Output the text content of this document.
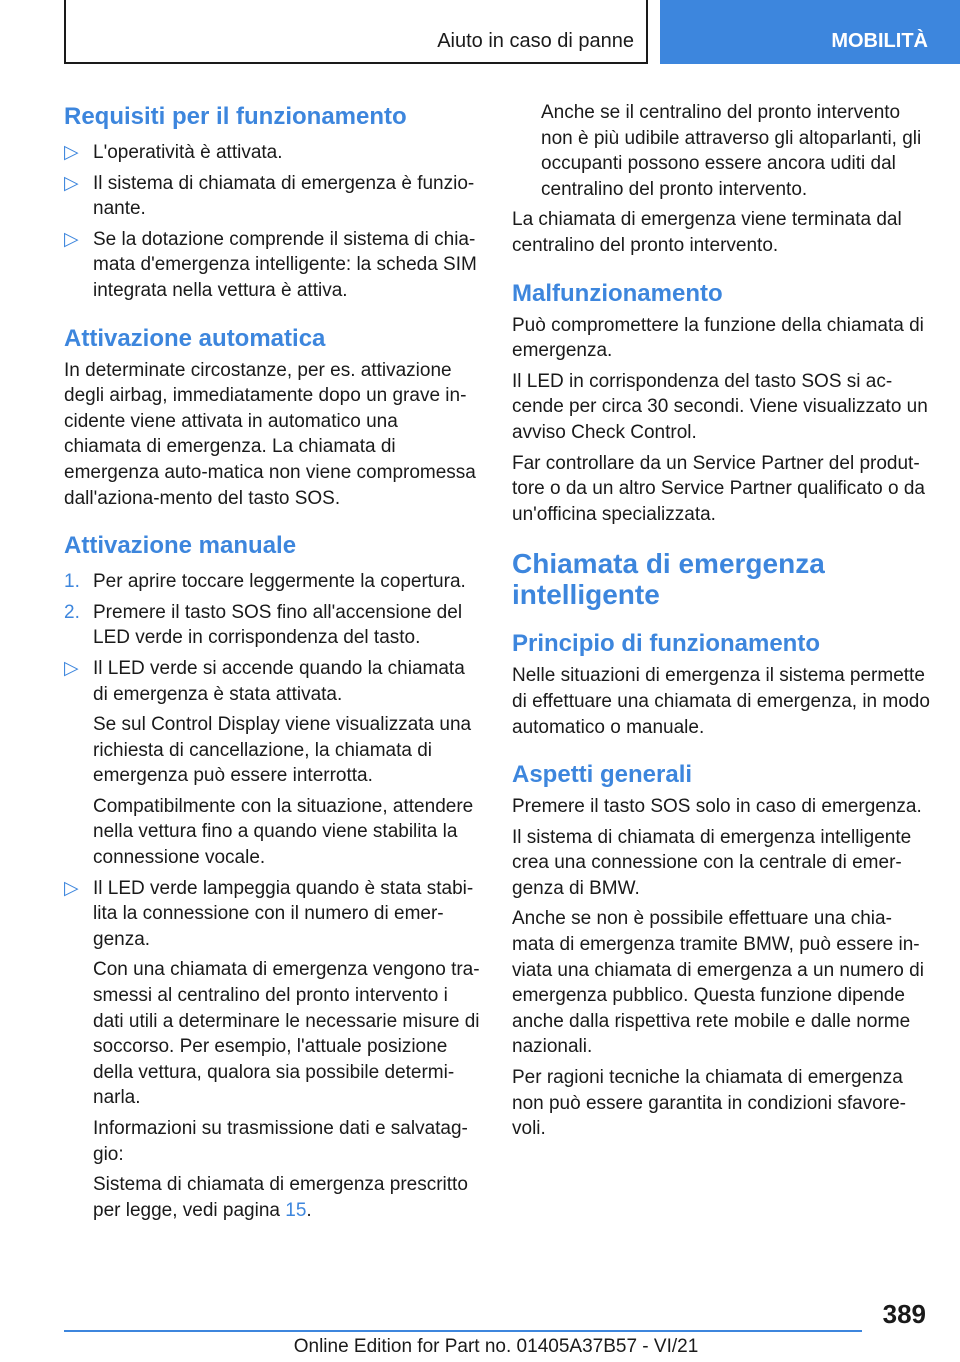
Aiuto in caso di panne	MOBILITÀ
Requisiti per il funzionamento
▷ L'operatività è attivata.
▷ Il sistema di chiamata di emergenza è funzio-nante.
▷ Se la dotazione comprende il sistema di chia-mata d'emergenza intelligente: la scheda SIM integrata nella vettura è attiva.
Attivazione automatica

In determinate circostanze, per es. attivazione degli airbag, immediatamente dopo un grave in-cidente viene attivata in automatico una chiamata di emergenza. La chiamata di emergenza auto-matica non viene compromessa dall'aziona-mento del tasto SOS.

Attivazione manuale
1. Per aprire toccare leggermente la copertura.
2. Premere il tasto SOS fino all'accensione del LED verde in corrispondenza del tasto.
▷ Il LED verde si accende quando la chiamata di emergenza è stata attivata.

Se sul Control Display viene visualizzata una richiesta di cancellazione, la chiamata di emergenza può essere interrotta.

Compatibilmente con la situazione, attendere nella vettura fino a quando viene stabilita la connessione vocale.

▷ Il LED verde lampeggia quando è stata stabi-lita la connessione con il numero di emer-genza.

Con una chiamata di emergenza vengono tra-smessi al centralino del pronto intervento i dati utili a determinare le necessarie misure di soccorso. Per esempio, l'attuale posizione della vettura, qualora sia possibile determi-narla.

Informazioni su trasmissione dati e salvatag-gio:

Sistema di chiamata di emergenza prescritto per legge, vedi pagina 15.

Anche se il centralino del pronto intervento non è più udibile attraverso gli altoparlanti, gli occupanti possono essere ancora uditi dal centralino del pronto intervento.

La chiamata di emergenza viene terminata dal centralino del pronto intervento.

Malfunzionamento

Può compromettere la funzione della chiamata di emergenza.

Il LED in corrispondenza del tasto SOS si ac-cende per circa 30 secondi. Viene visualizzato un avviso Check Control.

Far controllare da un Service Partner del produt-tore o da un altro Service Partner qualificato o da un'officina specializzata.

Chiamata di emergenza intelligente
Principio di funzionamento

Nelle situazioni di emergenza il sistema permette di effettuare una chiamata di emergenza, in modo automatico o manuale.

Aspetti generali

Premere il tasto SOS solo in caso di emergenza.

Il sistema di chiamata di emergenza intelligente crea una connessione con la centrale di emer-genza di BMW.

Anche se non è possibile effettuare una chia-mata di emergenza tramite BMW, può essere in-viata una chiamata di emergenza a un numero di emergenza pubblico. Questa funzione dipende anche dalla rispettiva rete mobile e dalle norme nazionali.

Per ragioni tecniche la chiamata di emergenza non può essere garantita in condizioni sfavore-voli.

389
Online Edition for Part no. 01405A37B57 - VI/21
